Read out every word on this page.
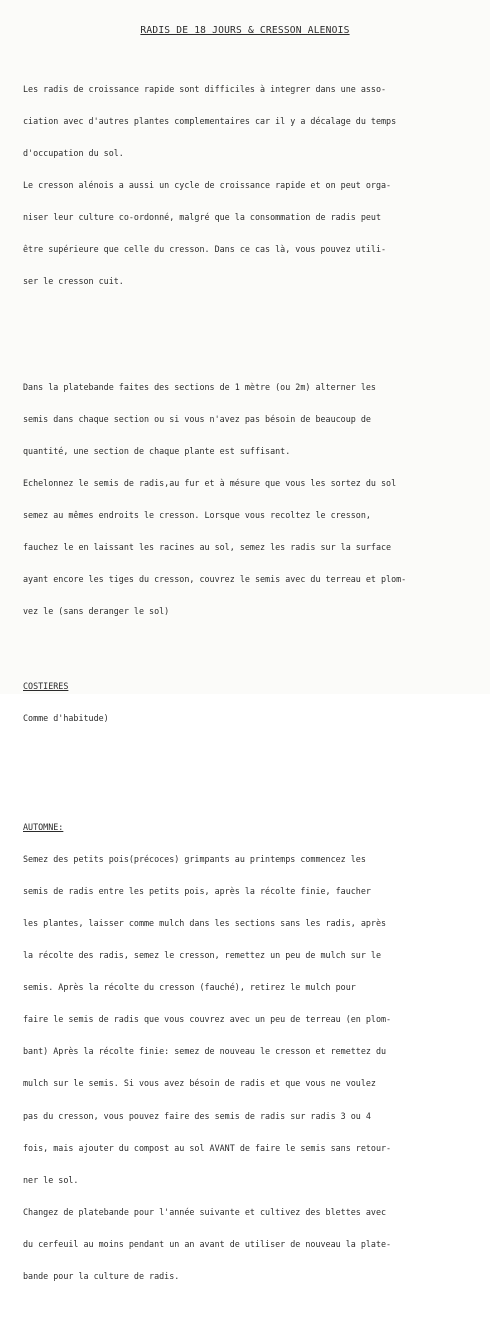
RADIS DE 18 JOURS & CRESSON ALENOIS

Les radis de croissance rapide sont difficiles à integrer dans une asso-

ciation avec d'autres plantes complementaires car il y a décalage du temps

d'occupation du sol.

Le cresson alénois a aussi un cycle de croissance rapide et on peut orga-

niser leur culture co-ordonné, malgré que la consommation de radis peut

être supérieure que celle du cresson. Dans ce cas là, vous pouvez utili-

ser le cresson cuit.

Dans la platebande faites des sections de 1 mètre (ou 2m) alterner les

semis dans chaque section ou si vous n'avez pas bésoin de beaucoup de

quantité, une section de chaque plante est suffisant.

Echelonnez le semis de radis,au fur et à mésure que vous les sortez du sol

semez au mêmes endroits le cresson. Lorsque vous recoltez le cresson,

fauchez le en laissant les racines au sol, semez les radis sur la surface

ayant encore les tiges du cresson, couvrez le semis avec du terreau et plom-

vez le (sans deranger le sol)

COSTIERES

Comme d'habitude)

AUTOMNE:

Semez des petits pois(précoces) grimpants au printemps commencez les

semis de radis entre les petits pois, après la récolte finie, faucher

les plantes, laisser comme mulch dans les sections sans les radis, après

la récolte des radis, semez le cresson, remettez un peu de mulch sur le

semis. Après la récolte du cresson (fauché), retirez le mulch pour

faire le semis de radis que vous couvrez avec un peu de terreau (en plom-

bant) Après la récolte finie: semez de nouveau le cresson et remettez du

mulch sur le semis. Si vous avez bésoin de radis et que vous ne voulez

pas du cresson, vous pouvez faire des semis de radis sur radis 3 ou 4

fois, mais ajouter du compost au sol AVANT de faire le semis sans retour-

ner le sol.

Changez de platebande pour l'année suivante et cultivez des blettes avec

du cerfeuil au moins pendant un an avant de utiliser de nouveau la plate-

bande pour la culture de radis.
